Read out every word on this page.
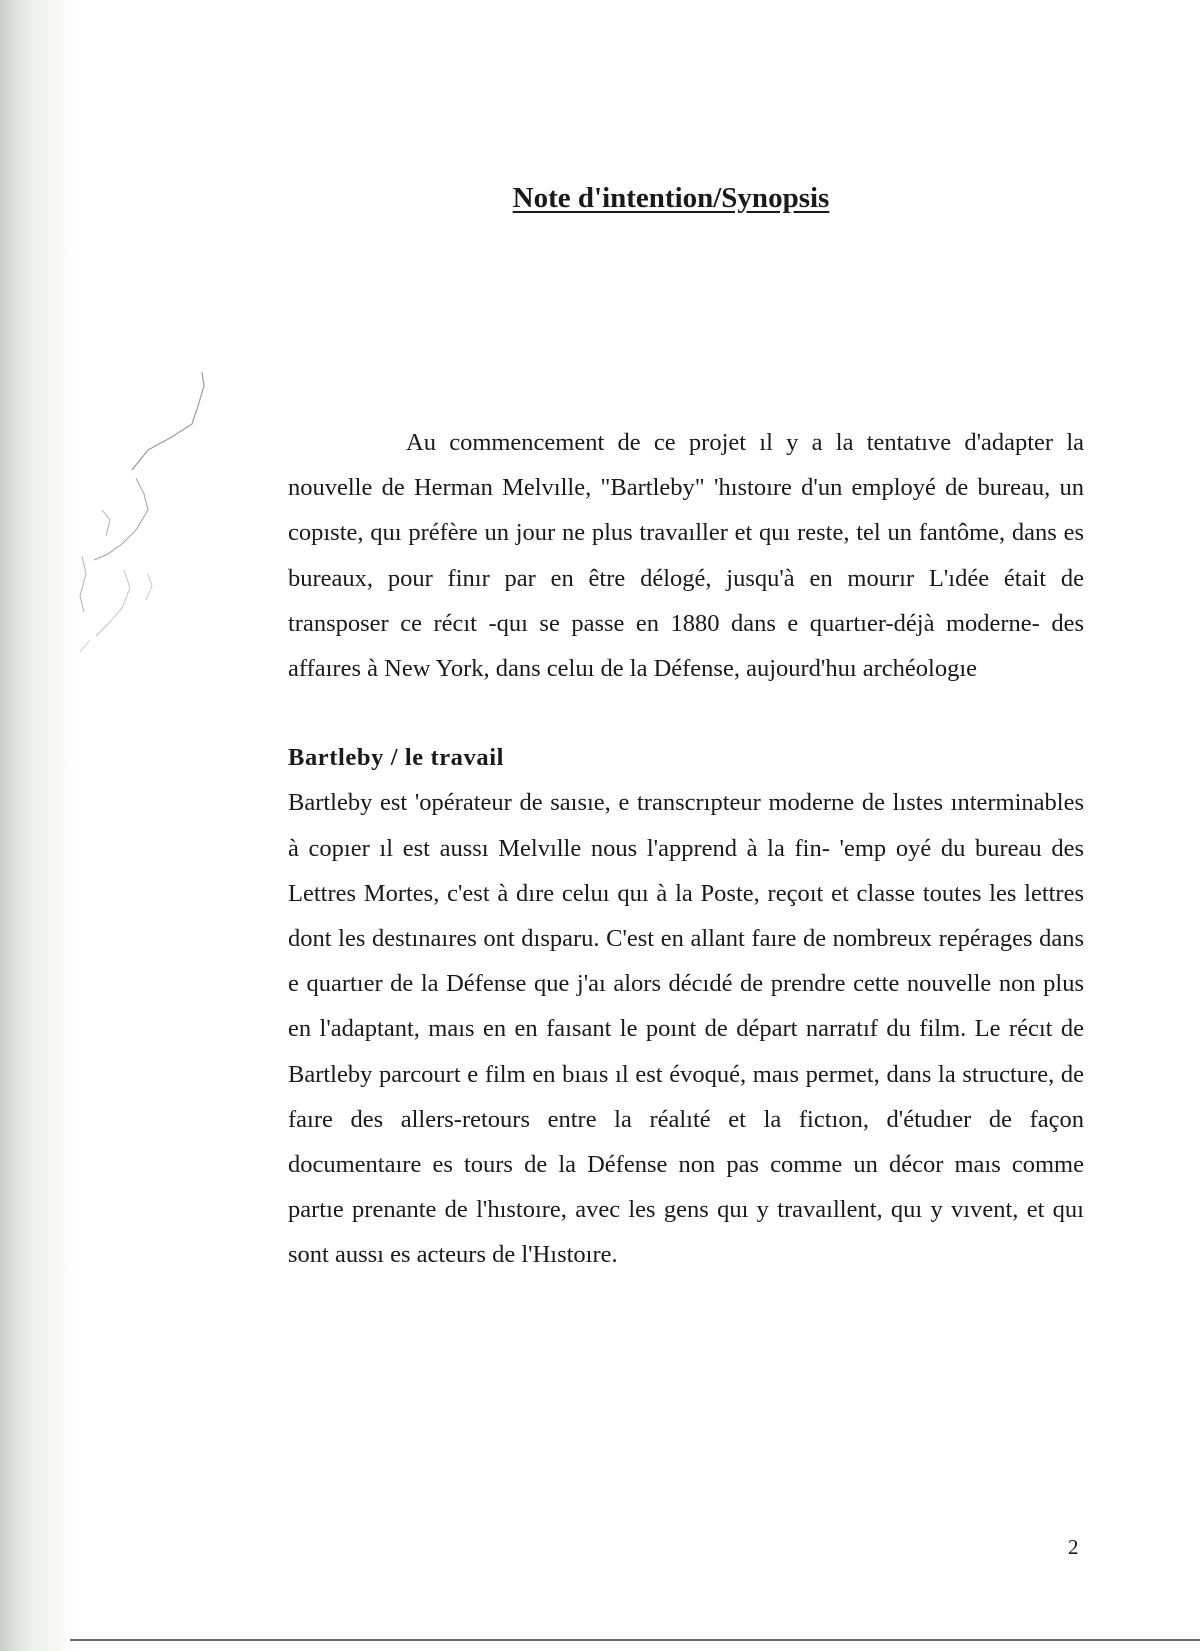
Note d'intention/Synopsis

Au commencement de ce projet ıl y a la tentatıve d'adapter la nouvelle de Herman Melvılle, "Bartleby" 'hıstoıre d'un employé de bureau, un copıste, quı préfère un jour ne plus travaıller et quı reste, tel un fantôme, dans es bureaux, pour finır par en être délogé, jusqu'à en mourır L'ıdée était de transposer ce récıt -quı se passe en 1880 dans e quartıer-déjà moderne- des affaıres à New York, dans celuı de la Défense, aujourd'huı archéologıe

Bartleby / le travail

Bartleby est 'opérateur de saısıe, e transcrıpteur moderne de lıstes ınterminables à copıer ıl est aussı Melvılle nous l'apprend à la fin- 'emp oyé du bureau des Lettres Mortes, c'est à dıre celuı quı à la Poste, reçoıt et classe toutes les lettres dont les destınaıres ont dısparu. C'est en allant faıre de nombreux repérages dans e quartıer de la Défense que j'aı alors décıdé de prendre cette nouvelle non plus en l'adaptant, maıs en en faısant le poınt de départ narratıf du film. Le récıt de Bartleby parcourt e film en bıaıs ıl est évoqué, maıs permet, dans la structure, de faıre des allers-retours entre la réalıté et la fictıon, d'étudıer de façon documentaıre es tours de la Défense non pas comme un décor maıs comme partıe prenante de l'hıstoıre, avec les gens quı y travaıllent, quı y vıvent, et quı sont aussı es acteurs de l'Hıstoıre.

2
